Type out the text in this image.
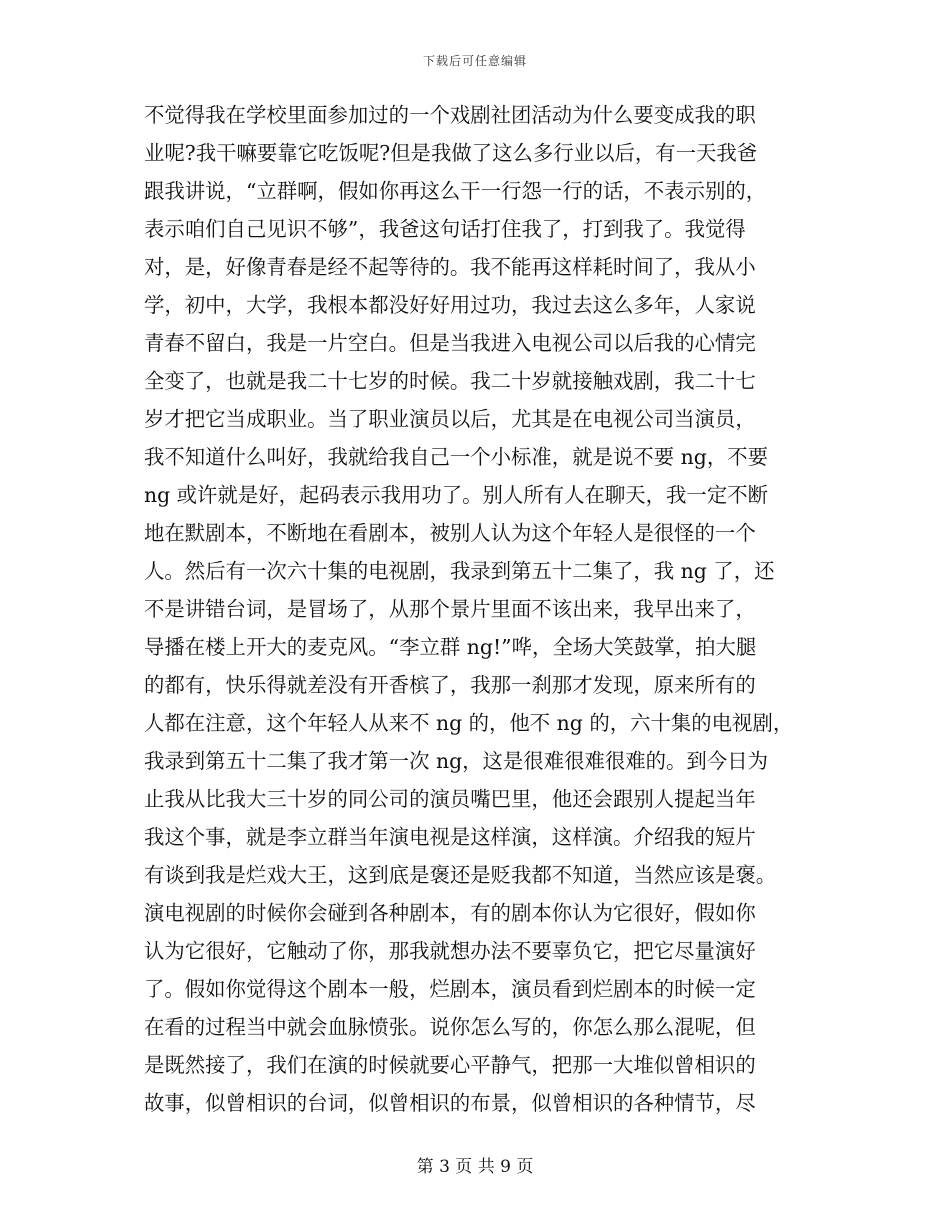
下载后可任意编辑
不觉得我在学校里面参加过的一个戏剧社团活动为什么要变成我的职
业呢?我干嘛要靠它吃饭呢?但是我做了这么多行业以后，有一天我爸
跟我讲说，“立群啊，假如你再这么干一行怨一行的话，不表示别的，
表示咱们自己见识不够”，我爸这句话打住我了，打到我了。我觉得
对，是，好像青春是经不起等待的。我不能再这样耗时间了，我从小
学，初中，大学，我根本都没好好用过功，我过去这么多年，人家说
青春不留白，我是一片空白。但是当我进入电视公司以后我的心情完
全变了，也就是我二十七岁的时候。我二十岁就接触戏剧，我二十七
岁才把它当成职业。当了职业演员以后，尤其是在电视公司当演员，
我不知道什么叫好，我就给我自己一个小标准，就是说不要 ng，不要
ng 或许就是好，起码表示我用功了。别人所有人在聊天，我一定不断
地在默剧本，不断地在看剧本，被别人认为这个年轻人是很怪的一个
人。然后有一次六十集的电视剧，我录到第五十二集了，我 ng 了，还
不是讲错台词，是冒场了，从那个景片里面不该出来，我早出来了，
导播在楼上开大的麦克风。“李立群 ng!”哗，全场大笑鼓掌，拍大腿
的都有，快乐得就差没有开香槟了，我那一刹那才发现，原来所有的
人都在注意，这个年轻人从来不 ng 的，他不 ng 的，六十集的电视剧，
我录到第五十二集了我才第一次 ng，这是很难很难很难的。到今日为
止我从比我大三十岁的同公司的演员嘴巴里，他还会跟别人提起当年
我这个事，就是李立群当年演电视是这样演，这样演。介绍我的短片
有谈到我是烂戏大王，这到底是褒还是贬我都不知道，当然应该是褒。
演电视剧的时候你会碰到各种剧本，有的剧本你认为它很好，假如你
认为它很好，它触动了你，那我就想办法不要辜负它，把它尽量演好
了。假如你觉得这个剧本一般，烂剧本，演员看到烂剧本的时候一定
在看的过程当中就会血脉愤张。说你怎么写的，你怎么那么混呢，但
是既然接了，我们在演的时候就要心平静气，把那一大堆似曾相识的
故事，似曾相识的台词，似曾相识的布景，似曾相识的各种情节，尽
第 3 页 共 9 页
